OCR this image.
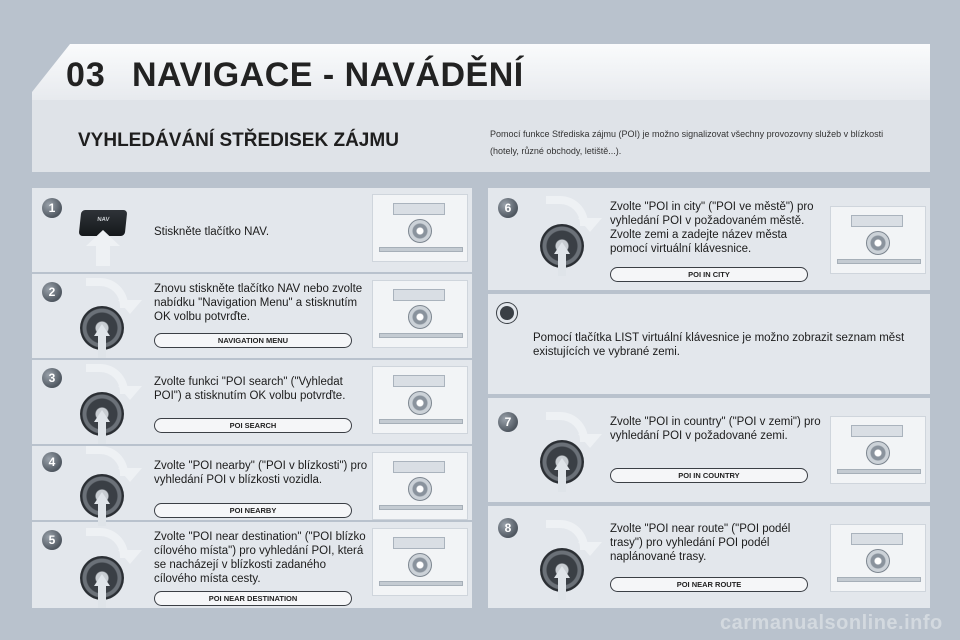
03 NAVIGACE - NAVÁDĚNÍ
VYHLEDÁVÁNÍ STŘEDISEK ZÁJMU	Pomocí funkce Střediska zájmu (POI) je možno signalizovat všechny provozovny služeb v blízkosti (hotely, různé obchody, letiště...).
1
2
3
4
5
6
7
8
NAV
Stiskněte tlačítko NAV.
Znovu stiskněte tlačítko NAV nebo zvolte nabídku "Navigation Menu" a stisknutím OK volbu potvrďte.
Zvolte funkci "POI search" ("Vyhledat POI") a stisknutím OK volbu potvrďte.
Zvolte "POI nearby" ("POI v blízkosti") pro vyhledání POI v blízkosti vozidla.
Zvolte "POI near destination" ("POI blízko cílového místa") pro vyhledání POI, která se nacházejí v blízkosti zadaného cílového místa cesty.
Zvolte "POI in city" ("POI ve městě") pro vyhledání POI v požadovaném městě. Zvolte zemi a zadejte název města pomocí virtuální klávesnice.
Zvolte "POI in country" ("POI v zemi") pro vyhledání POI v požadované zemi.
Zvolte "POI near route" ("POI podél trasy") pro vyhledání POI podél naplánované trasy.
NAVIGATION MENU
POI SEARCH
POI NEARBY
POI NEAR DESTINATION
POI IN CITY
POI IN COUNTRY
POI NEAR ROUTE
Pomocí tlačítka LIST virtuální klávesnice je možno zobrazit seznam měst existujících ve vybrané zemi.
carmanualsonline.info
